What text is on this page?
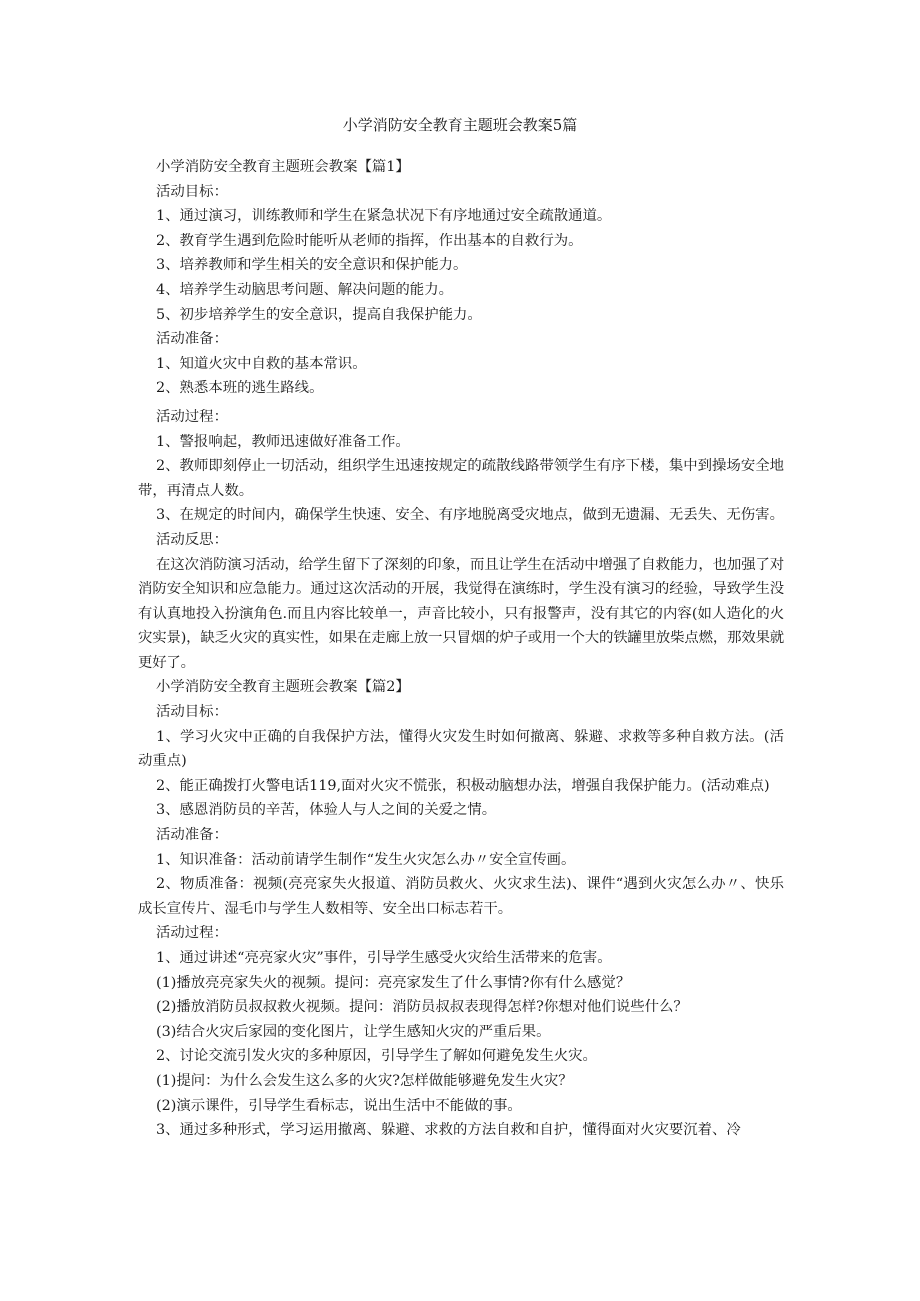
小学消防安全教育主题班会教案5篇

小学消防安全教育主题班会教案【篇1】

活动目标：

1、通过演习，训练教师和学生在紧急状况下有序地通过安全疏散通道。

2、教育学生遇到危险时能听从老师的指挥，作出基本的自救行为。

3、培养教师和学生相关的安全意识和保护能力。

4、培养学生动脑思考问题、解决问题的能力。

5、初步培养学生的安全意识，提高自我保护能力。

活动准备：

1、知道火灾中自救的基本常识。

2、熟悉本班的逃生路线。

活动过程：

1、警报响起，教师迅速做好准备工作。

2、教师即刻停止一切活动，组织学生迅速按规定的疏散线路带领学生有序下楼，集中到操场安全地带，再清点人数。

3、在规定的时间内，确保学生快速、安全、有序地脱离受灾地点，做到无遗漏、无丢失、无伤害。

活动反思：

在这次消防演习活动，给学生留下了深刻的印象，而且让学生在活动中增强了自救能力，也加强了对消防安全知识和应急能力。通过这次活动的开展，我觉得在演练时，学生没有演习的经验，导致学生没有认真地投入扮演角色.而且内容比较单一，声音比较小，只有报警声，没有其它的内容(如人造化的火灾实景)，缺乏火灾的真实性，如果在走廊上放一只冒烟的炉子或用一个大的铁罐里放柴点燃，那效果就更好了。

小学消防安全教育主题班会教案【篇2】

活动目标：

1、学习火灾中正确的自我保护方法，懂得火灾发生时如何撤离、躲避、求救等多种自救方法。(活动重点)

2、能正确拨打火警电话119,面对火灾不慌张，积极动脑想办法，增强自我保护能力。(活动难点)

3、感恩消防员的辛苦，体验人与人之间的关爱之情。

活动准备：

1、知识准备：活动前请学生制作“发生火灾怎么办〃安全宣传画。

2、物质准备：视频(亮亮家失火报道、消防员救火、火灾求生法)、课件“遇到火灾怎么办〃、快乐成长宣传片、湿毛巾与学生人数相等、安全出口标志若干。

活动过程：

1、通过讲述“亮亮家火灾”事件，引导学生感受火灾给生活带来的危害。

(1)播放亮亮家失火的视频。提问：亮亮家发生了什么事情?你有什么感觉？

(2)播放消防员叔叔救火视频。提问：消防员叔叔表现得怎样?你想对他们说些什么？

(3)结合火灾后家园的变化图片，让学生感知火灾的严重后果。

2、讨论交流引发火灾的多种原因，引导学生了解如何避免发生火灾。

(1)提问：为什么会发生这么多的火灾?怎样做能够避免发生火灾？

(2)演示课件，引导学生看标志，说出生活中不能做的事。

3、通过多种形式，学习运用撤离、躲避、求救的方法自救和自护，懂得面对火灾要沉着、冷
